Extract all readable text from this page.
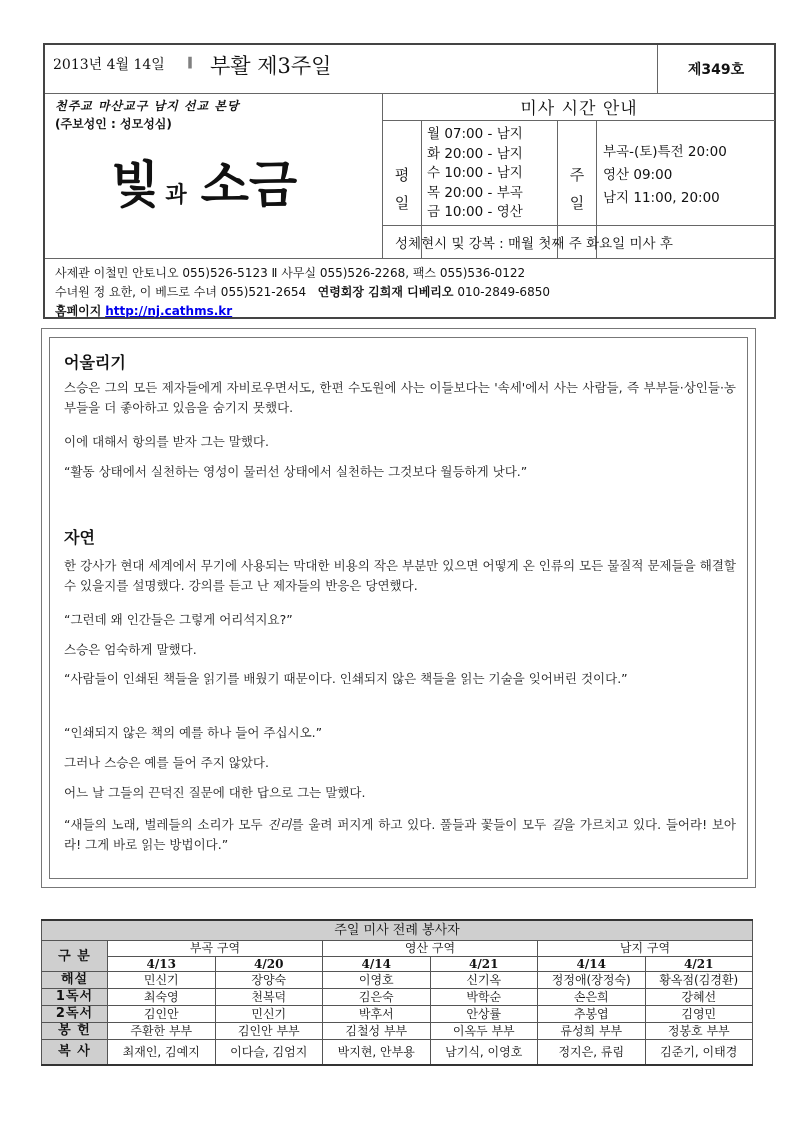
2013년 4월 14일 ∥ 부활 제3주일	제349호
천주교 마산교구 남지 선교 본당
(주보성인 : 성모성심)
빛과 소금
미사 시간 안내
평 일
월 07:00 - 남지
화 20:00 - 남지
수 10:00 - 남지
목 20:00 - 부곡
금 10:00 - 영산
주 일
부곡-(토)특전 20:00
영산 09:00
남지 11:00, 20:00
성체현시 및 강복 : 매월 첫째 주 화요일 미사 후
사제관 이철민 안토니오 055)526-5123 Ⅱ 사무실 055)526-2268, 팩스 055)536-0122
수녀원 정 요한, 이 베드로 수녀 055)521-2654 연령회장 김희재 디베리오 010-2849-6850
홈페이지 http://nj.cathms.kr
어울리기
스승은 그의 모든 제자들에게 자비로우면서도, 한편 수도원에 사는 이들보다는 '속세'에서 사는 사람들, 즉 부부들·상인들·농부들을 더 좋아하고 있음을 숨기지 못했다.
이에 대해서 항의를 받자 그는 말했다.
“활동 상태에서 실천하는 영성이 물러선 상태에서 실천하는 그것보다 월등하게 낫다.”
자연
한 강사가 현대 세계에서 무기에 사용되는 막대한 비용의 작은 부분만 있으면 어떻게 온 인류의 모든 물질적 문제들을 해결할 수 있을지를 설명했다. 강의를 듣고 난 제자들의 반응은 당연했다.
“그런데 왜 인간들은 그렇게 어리석지요?”
스승은 엄숙하게 말했다.
“사람들이 인쇄된 책들을 읽기를 배웠기 때문이다. 인쇄되지 않은 책들을 읽는 기술을 잊어버린 것이다.”
“인쇄되지 않은 책의 예를 하나 들어 주십시오.”
그러나 스승은 예를 들어 주지 않았다.
어느 날 그들의 끈덕진 질문에 대한 답으로 그는 말했다.
“새들의 노래, 벌레들의 소리가 모두 진리를 울려 퍼지게 하고 있다. 풀들과 꽃들이 모두 길을 가르치고 있다. 들어라! 보아라! 그게 바로 읽는 방법이다.”
주일 미사 전례 봉사자						
구 분	부곡 구역		영산 구역		남지 구역	
	4/13	4/20	4/14	4/21	4/14	4/21
해설	민신기	장양숙	이영호	신기옥	정정애(장정숙)	황옥점(김경환)
1독서	최숙영	천복덕	김은숙	박학순	손은희	강혜선
2독서	김인안	민신기	박후서	안상률	추봉엽	김영민
봉 헌	주환한 부부	김인안 부부	김철성 부부	이옥두 부부	류성희 부부	정봉호 부부
복 사	최재인, 김예지	이다슬, 김엄지	박지현, 안부용	남기식, 이영호	정지은, 류림	김준기, 이태경
